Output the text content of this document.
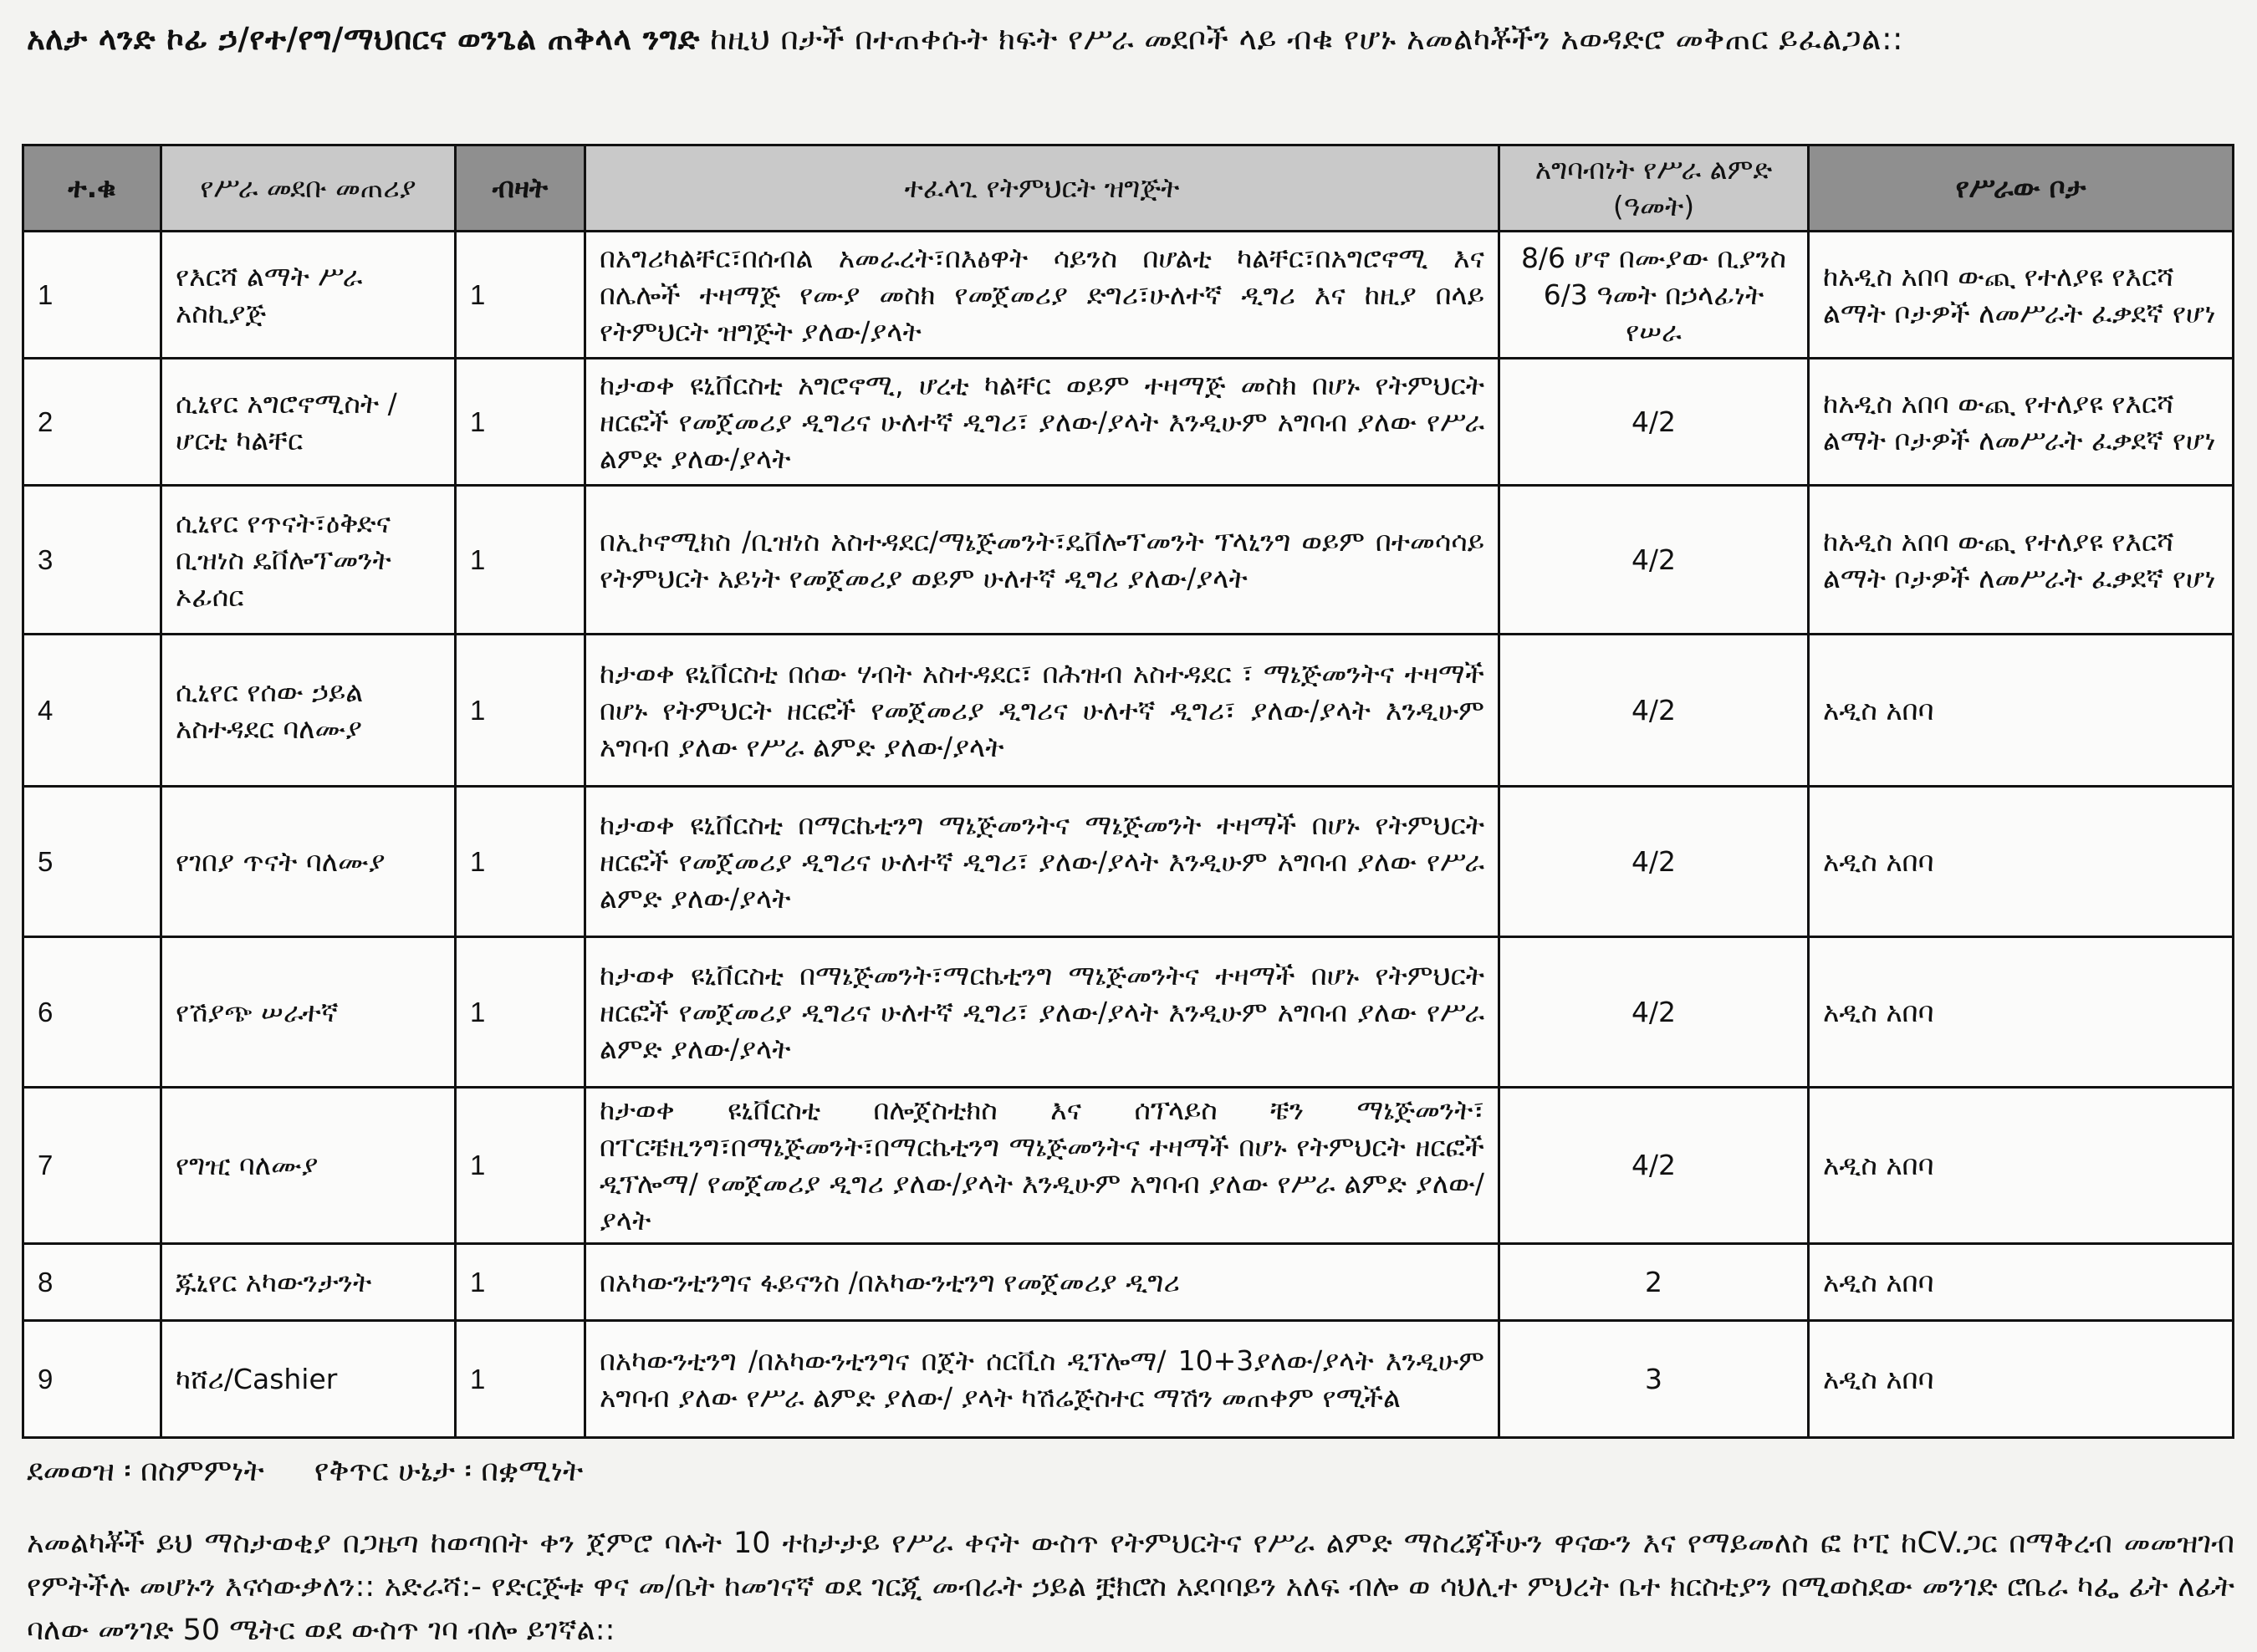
አለታ ላንድ ኮፊ ኃ/የተ/የግ/ማህበርና ወንጌል ጠቅላላ ንግድ ከዚህ በታች በተጠቀሱት ክፍት የሥራ መደቦች ላይ ብቁ የሆኑ አመልካቾችን አወዳድሮ መቅጠር ይፈልጋል::
ተ.ቁ	የሥራ መደቡ መጠሪያ	ብዛት	ተፈላጊ የትምህርት ዝግጅት	አግባብነት የሥራ ልምድ (ዓመት)	የሥራው ቦታ
1	የእርሻ ልማት ሥራ አስኪያጅ	1	በአግሪካልቸር፣በሰብል አመራረት፣በእፅዋት ሳይንስ በሆልቲ ካልቸር፣በአግሮኖሚ እና በሌሎች ተዛማጅ የሙያ መስክ የመጀመሪያ ድግሪ፣ሁለተኛ ዲግሪ እና ከዚያ በላይ የትምህርት ዝግጅት ያለው/ያላት	8/6 ሆኖ በሙያው ቢያንስ 6/3 ዓመት በኃላፊነት የሠራ	ከአዲስ አበባ ውጪ የተለያዩ የእርሻ ልማት ቦታዎች ለመሥራት ፈቃደኛ የሆነ
2	ሲኒየር አግሮኖሚስት / ሆርቲ ካልቸር	1	ከታወቀ ዩኒቨርስቲ አግሮኖሚ, ሆረቲ ካልቸር ወይም ተዛማጅ መስክ በሆኑ የትምህርት ዘርፎች የመጀመሪያ ዲግሪና ሁለተኛ ዲግሪ፣ ያለው/ያላት እንዲሁም አግባብ ያለው የሥራ ልምድ ያለው/ያላት	4/2	ከአዲስ አበባ ውጪ የተለያዩ የእርሻ ልማት ቦታዎች ለመሥራት ፈቃደኛ የሆነ
3	ሲኒየር የጥናት፣ዕቅድና ቢዝነስ ዴቨሎፕመንት ኦፊሰር	1	በኢኮኖሚክስ /ቢዝነስ አስተዳደር/ማኔጅመንት፣ዴቨሎፕመንት ፕላኒንግ ወይም በተመሳሳይ የትምህርት አይነት የመጀመሪያ ወይም ሁለተኛ ዲግሪ ያለው/ያላት	4/2	ከአዲስ አበባ ውጪ የተለያዩ የእርሻ ልማት ቦታዎች ለመሥራት ፈቃደኛ የሆነ
4	ሲኒየር የሰው ኃይል አስተዳደር ባለሙያ	1	ከታወቀ ዩኒቨርስቲ በሰው ሃብት አስተዳደር፣ በሕዝብ አስተዳደር ፣ ማኔጅመንትና ተዛማች በሆኑ የትምህርት ዘርፎች የመጀመሪያ ዲግሪና ሁለተኛ ዲግሪ፣ ያለው/ያላት እንዲሁም አግባብ ያለው የሥራ ልምድ ያለው/ያላት	4/2	አዲስ አበባ
5	የገበያ ጥናት ባለሙያ	1	ከታወቀ ዩኒቨርስቲ በማርኬቲንግ ማኔጅመንትና ማኔጅመንት ተዛማች በሆኑ የትምህርት ዘርፎች የመጀመሪያ ዲግሪና ሁለተኛ ዲግሪ፣ ያለው/ያላት እንዲሁም አግባብ ያለው የሥራ ልምድ ያለው/ያላት	4/2	አዲስ አበባ
6	የሽያጭ ሠራተኛ	1	ከታወቀ ዩኒቨርስቲ በማኔጅመንት፣ማርኬቲንግ ማኔጅመንትና ተዛማች በሆኑ የትምህርት ዘርፎች የመጀመሪያ ዲግሪና ሁለተኛ ዲግሪ፣ ያለው/ያላት እንዲሁም አግባብ ያለው የሥራ ልምድ ያለው/ያላት	4/2	አዲስ አበባ
7	የግዢ ባለሙያ	1	ከታወቀ ዩኒቨርስቲ በሎጀስቲክስ እና ሰፕላይስ ቼን ማኔጅመንት፣ በፐርቼዚንግ፣በማኔጅመንት፣በማርኬቲንግ ማኔጅመንትና ተዛማች በሆኑ የትምህርት ዘርፎች ዲፕሎማ/ የመጀመሪያ ዲግሪ ያለው/ያላት እንዲሁም አግባብ ያለው የሥራ ልምድ ያለው/ያላት	4/2	አዲስ አበባ
8	ጁኒየር አካውንታንት	1	በአካውንቲንግና ፋይናንስ /በአካውንቲንግ የመጀመሪያ ዲግሪ	2	አዲስ አበባ
9	ካሸሪ/Cashier	1	በአካውንቲንግ /በአካውንቲንግና በጀት ሰርቪስ ዲፕሎማ/ 10+3ያለው/ያላት እንዲሁም አግባብ ያለው የሥራ ልምድ ያለው/ ያላት ካሽሬጅስተር ማሽን መጠቀም የሚችል	3	አዲስ አበባ
ደመወዝ ፡ በስምምነት የቅጥር ሁኔታ ፡ በቋሚነት
አመልካቾች ይህ ማስታወቂያ በጋዜጣ ከወጣበት ቀን ጀምሮ ባሉት 10 ተከታታይ የሥራ ቀናት ውስጥ የትምህርትና የሥራ ልምድ ማስረጃችሁን ዋናውን እና የማይመለስ ፎ ኮፒ ከCV.ጋር በማቅረብ መመዝገብ የምትችሉ መሆኑን እናሳውቃለን:: አድራሻ:- የድርጅቱ ዋና መ/ቤት ከመገናኛ ወደ ገርጂ መብራት ኃይል ቿክሮስ አደባባይን አለፍ ብሎ ወ ሳህሊተ ምህረት ቤተ ክርስቲያን በሚወስደው መንገድ ሮቤራ ካፌ ፊት ለፊት ባለው መንገድ 50 ሜትር ወደ ውስጥ ገባ ብሎ ይገኛል::
